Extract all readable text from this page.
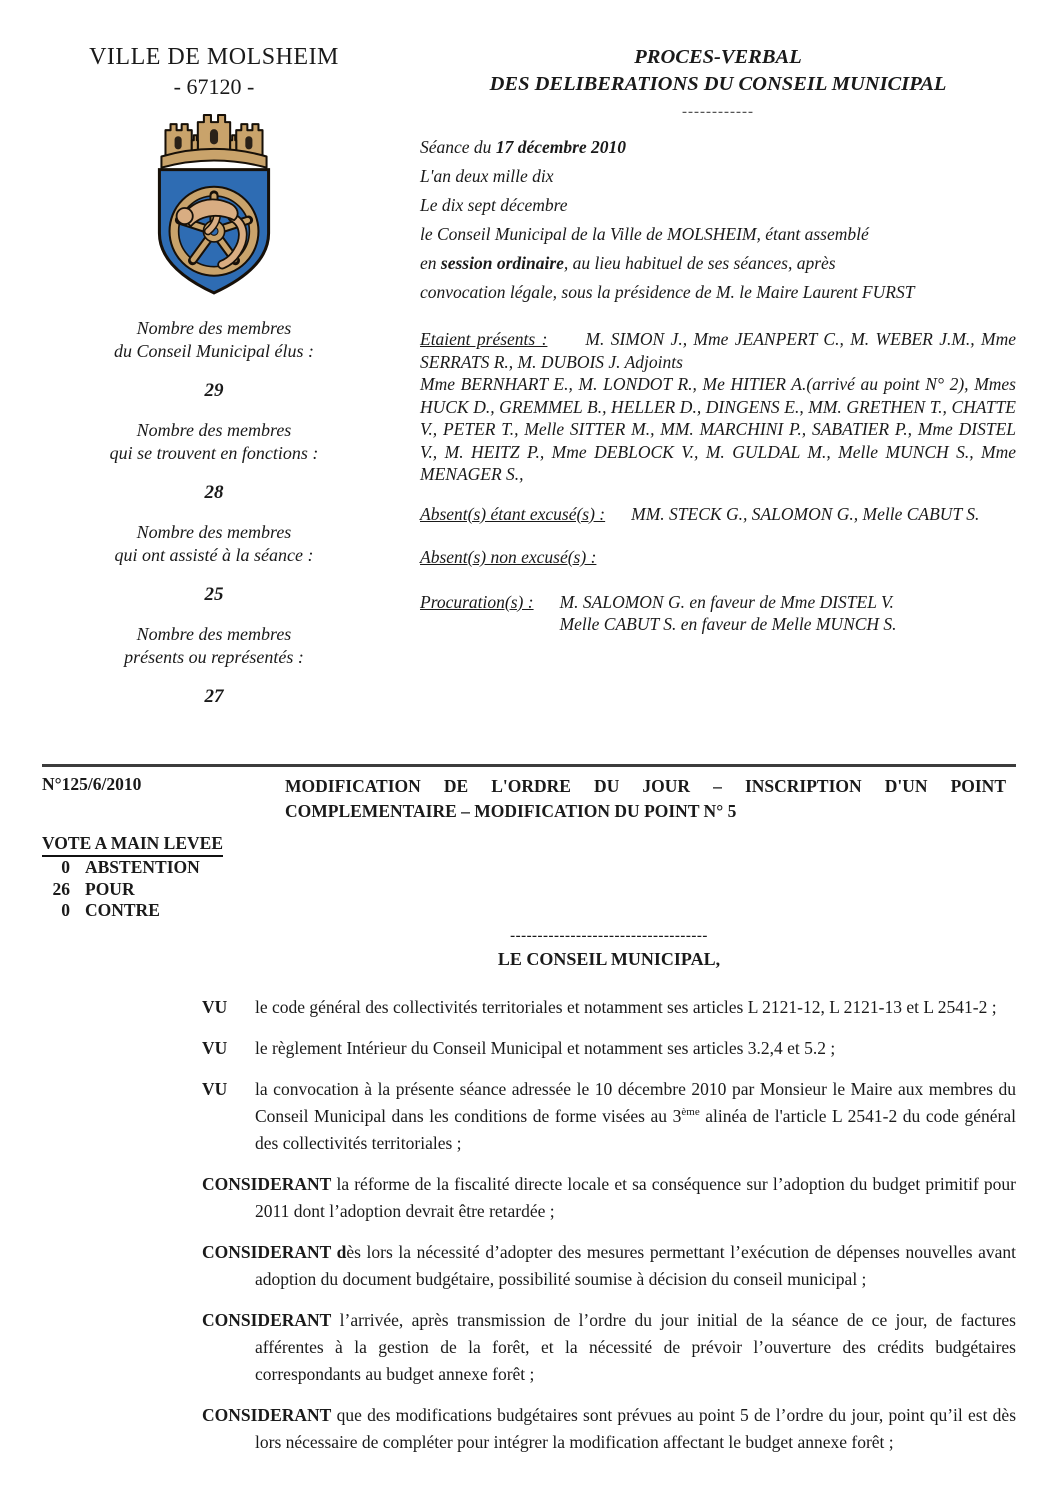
VILLE DE MOLSHEIM
- 67120 -
Nombre des membres
du Conseil Municipal élus :
29
Nombre des membres
qui se trouvent en fonctions :
28
Nombre des membres
qui ont assisté à la séance :
25
Nombre des membres
présents ou représentés :
27
PROCES-VERBAL
DES DELIBERATIONS DU CONSEIL MUNICIPAL
------------
Séance du 17 décembre 2010
L'an deux mille dix
Le dix sept décembre
le Conseil Municipal de la Ville de MOLSHEIM, étant assemblé
en session ordinaire, au lieu habituel de ses séances, après
convocation légale, sous la présidence de M. le Maire Laurent FURST

Etaient présents : M. SIMON J., Mme JEANPERT C., M. WEBER J.M., Mme SERRATS R., M. DUBOIS J. Adjoints

Mme BERNHART E., M. LONDOT R., Me HITIER A.(arrivé au point N° 2), Mmes HUCK D., GREMMEL B., HELLER D., DINGENS E., MM. GRETHEN T., CHATTE V., PETER T., Melle SITTER M., MM. MARCHINI P., SABATIER P., Mme DISTEL V., M. HEITZ P., Mme DEBLOCK V., M. GULDAL M., Melle MUNCH S., Mme MENAGER S.,

Absent(s) étant excusé(s) : MM. STECK G., SALOMON G., Melle CABUT S.

Absent(s) non excusé(s) :

Procuration(s) : M. SALOMON G. en faveur de Mme DISTEL V.
Melle CABUT S. en faveur de Melle MUNCH S.
N°125/6/2010	MODIFICATION DE L'ORDRE DU JOUR – INSCRIPTION D'UN POINT COMPLEMENTAIRE – MODIFICATION DU POINT N° 5
VOTE A MAIN LEVEE
0 ABSTENTION
26 POUR
0 CONTRE
------------------------------------
LE CONSEIL MUNICIPAL,

VU le code général des collectivités territoriales et notamment ses articles L 2121-12, L 2121-13 et L 2541-2 ;

VU le règlement Intérieur du Conseil Municipal et notamment ses articles 3.2,4 et 5.2 ;

VU la convocation à la présente séance adressée le 10 décembre 2010 par Monsieur le Maire aux membres du Conseil Municipal dans les conditions de forme visées au 3ème alinéa de l'article L 2541-2 du code général des collectivités territoriales ;

CONSIDERANT la réforme de la fiscalité directe locale et sa conséquence sur l’adoption du budget primitif pour 2011 dont l’adoption devrait être retardée ;

CONSIDERANT dès lors la nécessité d’adopter des mesures permettant l’exécution de dépenses nouvelles avant adoption du document budgétaire, possibilité soumise à décision du conseil municipal ;

CONSIDERANT l’arrivée, après transmission de l’ordre du jour initial de la séance de ce jour, de factures afférentes à la gestion de la forêt, et la nécessité de prévoir l’ouverture des crédits budgétaires correspondants au budget annexe forêt ;

CONSIDERANT que des modifications budgétaires sont prévues au point 5 de l’ordre du jour, point qu’il est dès lors nécessaire de compléter pour intégrer la modification affectant le budget annexe forêt ;
